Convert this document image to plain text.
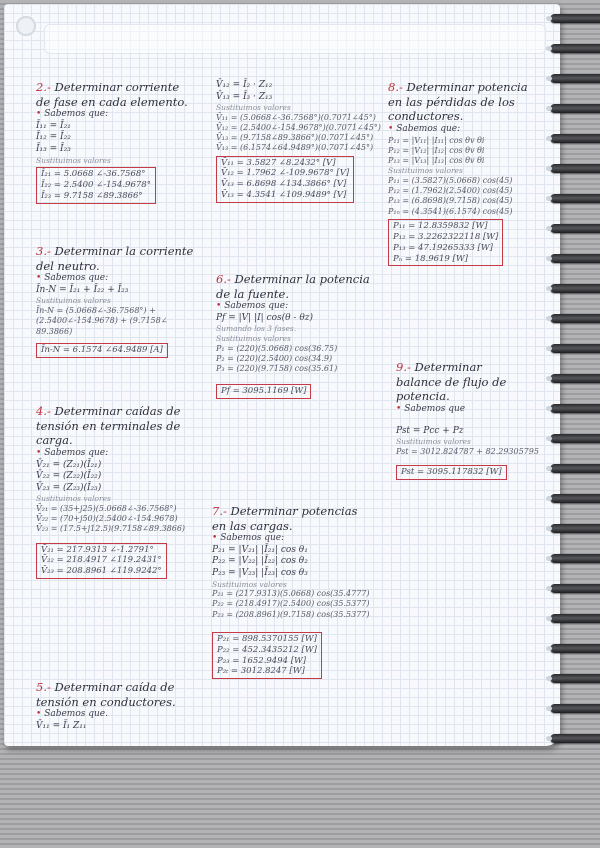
2.- Determinar corriente
de fase en cada elemento.
• Sabemos que:
Ī₁₁ = Ī₂₁
Ī₁₂ = Ī₂₂
Ī₁₃ = Ī₂₃
Sustituimos valores
Ī₂₁ = 5.0668 ∠-36.7568°
Ī₂₂ = 2.5400 ∠-154.9678°
Ī₂₃ = 9.7158 ∠89.3866°
3.- Determinar la corriente
del neutro.
• Sabemos que:
Īn-N = Ī₂₁ + Ī₂₂ + Ī₂₃
Sustituimos valores
Īn-N = (5.0668∠-36.7568°) +
(2.5400∠-154.9678) + (9.7158∠
89.3866)
Īn-N = 6.1574 ∠64.9489 [A]
4.- Determinar caídas de
tensión en terminales de
carga.
• Sabemos que:
V̄₂₁ = (Z₂₁)(Ī₂₁)
V̄₂₂ = (Z₂₂)(Ī₂₂)
V̄₂₃ = (Z₂₃)(Ī₂₃)
Sustituimos valores
V̄₂₁ = (35+j25)(5.0668∠-36.7568°)
V̄₂₂ = (70+j50)(2.5400∠-154.9678)
V̄₂₃ = (17.5+j12.5)(9.7158∠89.3866)
V̄₂₁ = 217.9313 ∠-1.2791°
V̄₂₂ = 218.4917 ∠119.2431°
V̄₂₃ = 208.8961 ∠119.9242°
5.- Determinar caída de
tensión en conductores.
• Sabemos que.
V̄₁₁ = Ī₁ Z₁₁
V̄₁₂ = Ī₂ · Z₁₂
V̄₁₃ = Ī₃ · Z₁₃
Sustituimos valores
V̄₁₁ = (5.0668∠-36.7568°)(0.7071∠45°)
V̄₁₂ = (2.5400∠-154.9678°)(0.7071∠45°)
V̄₁₃ = (9.7158∠89.3866°)(0.7071∠45°)
V̄₁₃ = (6.1574∠64.9489°)(0.7071∠45°)
V̄₁₁ = 3.5827 ∠8.2432° [V]
V̄₁₂ = 1.7962 ∠-109.9678° [V]
V̄₁₃ = 6.8698 ∠134.3866° [V]
V̄₁₃ = 4.3541 ∠109.9489° [V]
6.- Determinar la potencia
de la fuente.
• Sabemos que:
Pf = |V| |I| cos(θ - θz)
Sumando los 3 fases.
Sustituimos valores
P₁ = (220)(5.0668) cos(36.75)
P₂ = (220)(2.5400) cos(34.9)
P₃ = (220)(9.7158) cos(35.61)
Pf = 3095.1169 [W]
7.- Determinar potencias
en las cargas.
• Sabemos que:
P₂₁ = |V₂₁| |Ī₂₁| cos θ₁
P₂₂ = |V₂₂| |Ī₂₂| cos θ₂
P₂₃ = |V₂₃| |Ī₂₃| cos θ₃
Sustituimos valores
P₂₁ = (217.9313)(5.0668) cos(35.4777)
P₂₂ = (218.4917)(2.5400) cos(35.5377)
P₂₃ = (208.8961)(9.7158) cos(35.5377)
P₂₁ = 898.5370155 [W]
P₂₂ = 452.3435212 [W]
P₂₃ = 1652.9494 [W]
P₂ₜ = 3012.8247 [W]
8.- Determinar potencia
en las pérdidas de los
conductores.
• Sabemos que:
P₁₁ = |V₁₁| |I₁₁| cos θv θi
P₁₂ = |V₁₂| |I₁₂| cos θv θi
P₁₃ = |V₁₃| |I₁₃| cos θv θi
Sustituimos valores
P₁₁ = (3.5827)(5.0668) cos(45)
P₁₂ = (1.7962)(2.5400) cos(45)
P₁₃ = (6.8698)(9.7158) cos(45)
P₁ₙ = (4.3541)(6.1574) cos(45)
P₁₁ = 12.8359832 [W]
P₁₂ = 3.2262322118 [W]
P₁₃ = 47.19265333 [W]
Pₙ = 18.9619 [W]
9.- Determinar
balance de flujo de
potencia.
• Sabemos que
Pst = Pcc + Pz
Sustituimos valores
Pst = 3012.824787 + 82.29305795
Pst = 3095.117832 [W]
